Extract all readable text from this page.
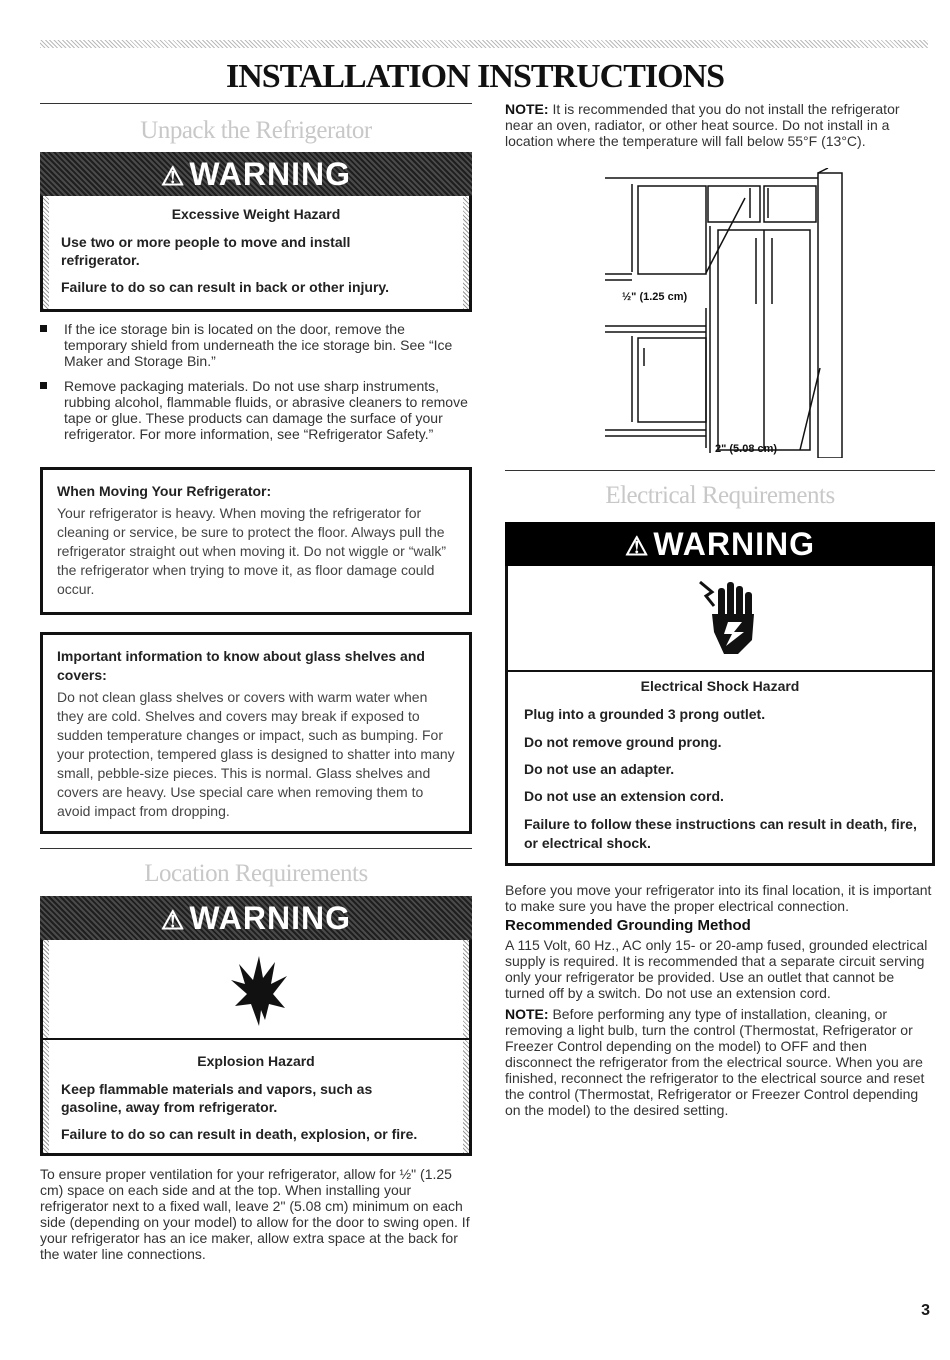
INSTALLATION INSTRUCTIONS
Unpack the Refrigerator
⚠ WARNING
Excessive Weight Hazard
Use two or more people to move and install refrigerator.
Failure to do so can result in back or other injury.
If the ice storage bin is located on the door, remove the temporary shield from underneath the ice storage bin. See “Ice Maker and Storage Bin.”
Remove packaging materials. Do not use sharp instruments, rubbing alcohol, flammable fluids, or abrasive cleaners to remove tape or glue. These products can damage the surface of your refrigerator. For more information, see “Refrigerator Safety.”
When Moving Your Refrigerator:
Your refrigerator is heavy. When moving the refrigerator for cleaning or service, be sure to protect the floor. Always pull the refrigerator straight out when moving it. Do not wiggle or “walk” the refrigerator when trying to move it, as floor damage could occur.
Important information to know about glass shelves and covers:
Do not clean glass shelves or covers with warm water when they are cold. Shelves and covers may break if exposed to sudden temperature changes or impact, such as bumping. For your protection, tempered glass is designed to shatter into many small, pebble-size pieces. This is normal. Glass shelves and covers are heavy. Use special care when removing them to avoid impact from dropping.
Location Requirements
⚠ WARNING
Explosion Hazard
Keep flammable materials and vapors, such as gasoline, away from refrigerator.
Failure to do so can result in death, explosion, or fire.

To ensure proper ventilation for your refrigerator, allow for ½" (1.25 cm) space on each side and at the top. When installing your refrigerator next to a fixed wall, leave 2" (5.08 cm) minimum on each side (depending on your model) to allow for the door to swing open. If your refrigerator has an ice maker, allow extra space at the back for the water line connections.

NOTE: It is recommended that you do not install the refrigerator near an oven, radiator, or other heat source. Do not install in a location where the temperature will fall below 55°F (13°C).

½" (1.25 cm)
2" (5.08 cm)
Electrical Requirements
⚠ WARNING
Electrical Shock Hazard
Plug into a grounded 3 prong outlet.
Do not remove ground prong.
Do not use an adapter.
Do not use an extension cord.
Failure to follow these instructions can result in death, fire, or electrical shock.

Before you move your refrigerator into its final location, it is important to make sure you have the proper electrical connection.

Recommended Grounding Method

A 115 Volt, 60 Hz., AC only 15- or 20-amp fused, grounded electrical supply is required. It is recommended that a separate circuit serving only your refrigerator be provided. Use an outlet that cannot be turned off by a switch. Do not use an extension cord.

NOTE: Before performing any type of installation, cleaning, or removing a light bulb, turn the control (Thermostat, Refrigerator or Freezer Control depending on the model) to OFF and then disconnect the refrigerator from the electrical source. When you are finished, reconnect the refrigerator to the electrical source and reset the control (Thermostat, Refrigerator or Freezer Control depending on the model) to the desired setting.

3
